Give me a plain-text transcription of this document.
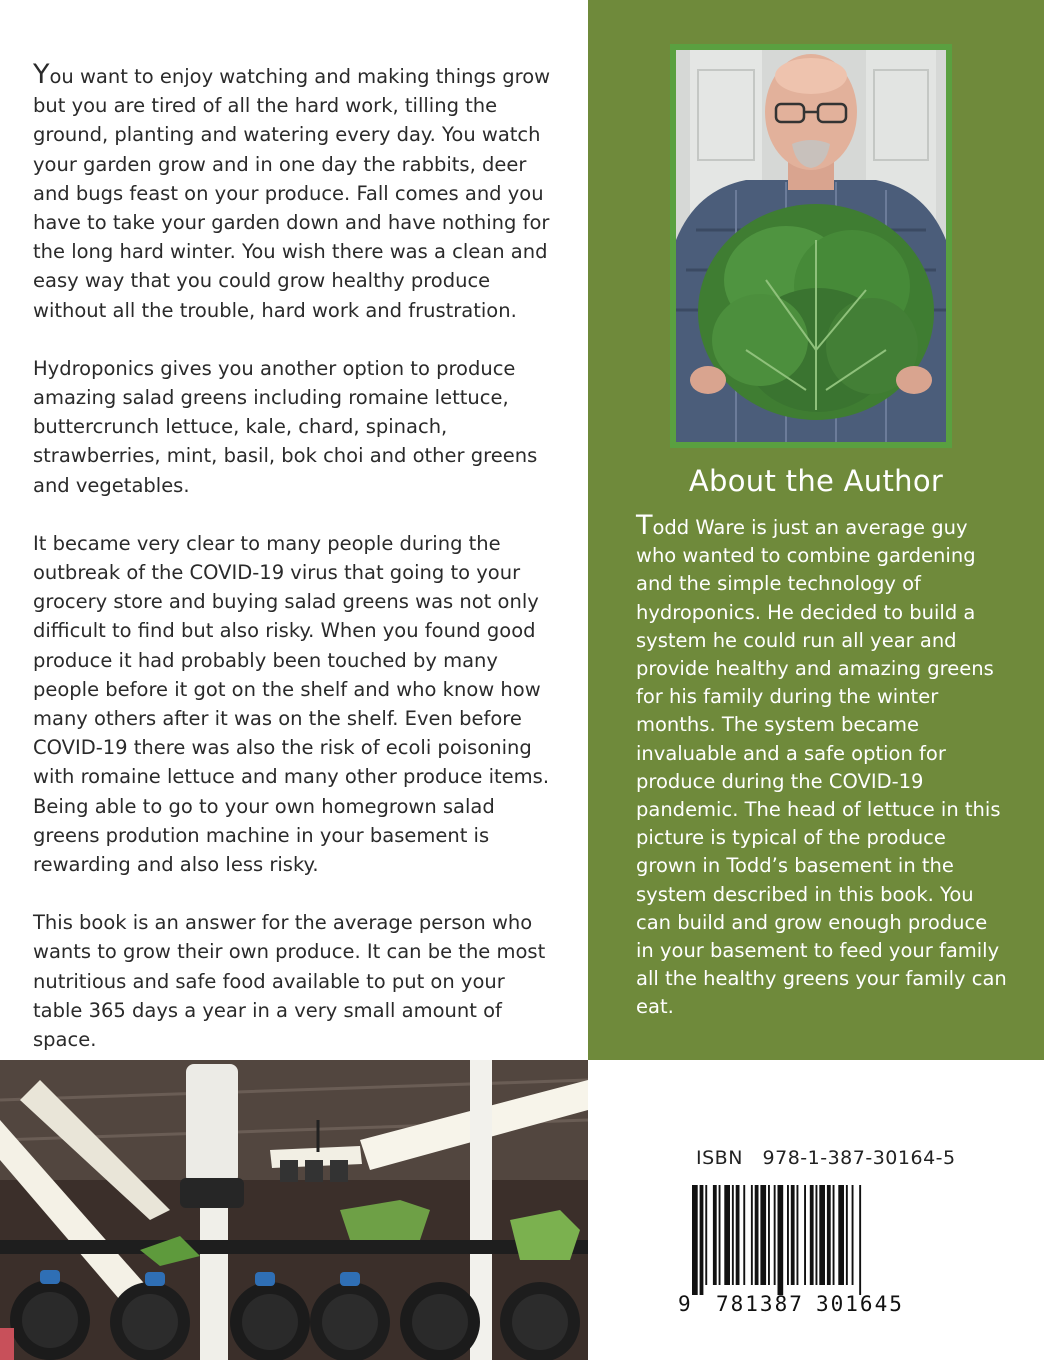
You want to enjoy watching and making things grow but you are tired of all the hard work, tilling the ground, planting and watering every day. You watch your garden grow and in one day the rabbits, deer and bugs feast on your produce. Fall comes and you have to take your garden down and have nothing for the long hard winter. You wish there was a clean and easy way that you could grow healthy produce without all the trouble, hard work and frustration.

Hydroponics gives you another option to produce amazing salad greens including romaine lettuce, buttercrunch lettuce, kale, chard, spinach, strawberries, mint, basil, bok choi and other greens and vegetables.

It became very clear to many people during the outbreak of the COVID-19 virus that going to your grocery store and buying salad greens was not only difficult to find but also risky. When you found good produce it had probably been touched by many people before it got on the shelf and who know how many others after it was on the shelf. Even before COVID-19 there was also the risk of ecoli poisoning with romaine lettuce and many other produce items. Being able to go to your own homegrown salad greens prodution machine in your basement is rewarding and also less risky.

This book is an answer for the average person who wants to grow their own produce. It can be the most nutritious and safe food available to put on your table 365 days a year in a very small amount of space.

About the Author
Todd Ware is just an average guy who wanted to combine gardening and the simple technology of hydroponics. He decided to build a system he could run all year and provide healthy and amazing greens for his family during the winter months. The system became invaluable and a safe option for produce during the COVID-19 pandemic. The head of lettuce in this picture is typical of the produce grown in Todd’s basement in the system described in this book. You can build and grow enough produce in your basement to feed your family all the healthy greens your family can eat.
ISBN   978-1-387-30164-5
9 781387 301645
